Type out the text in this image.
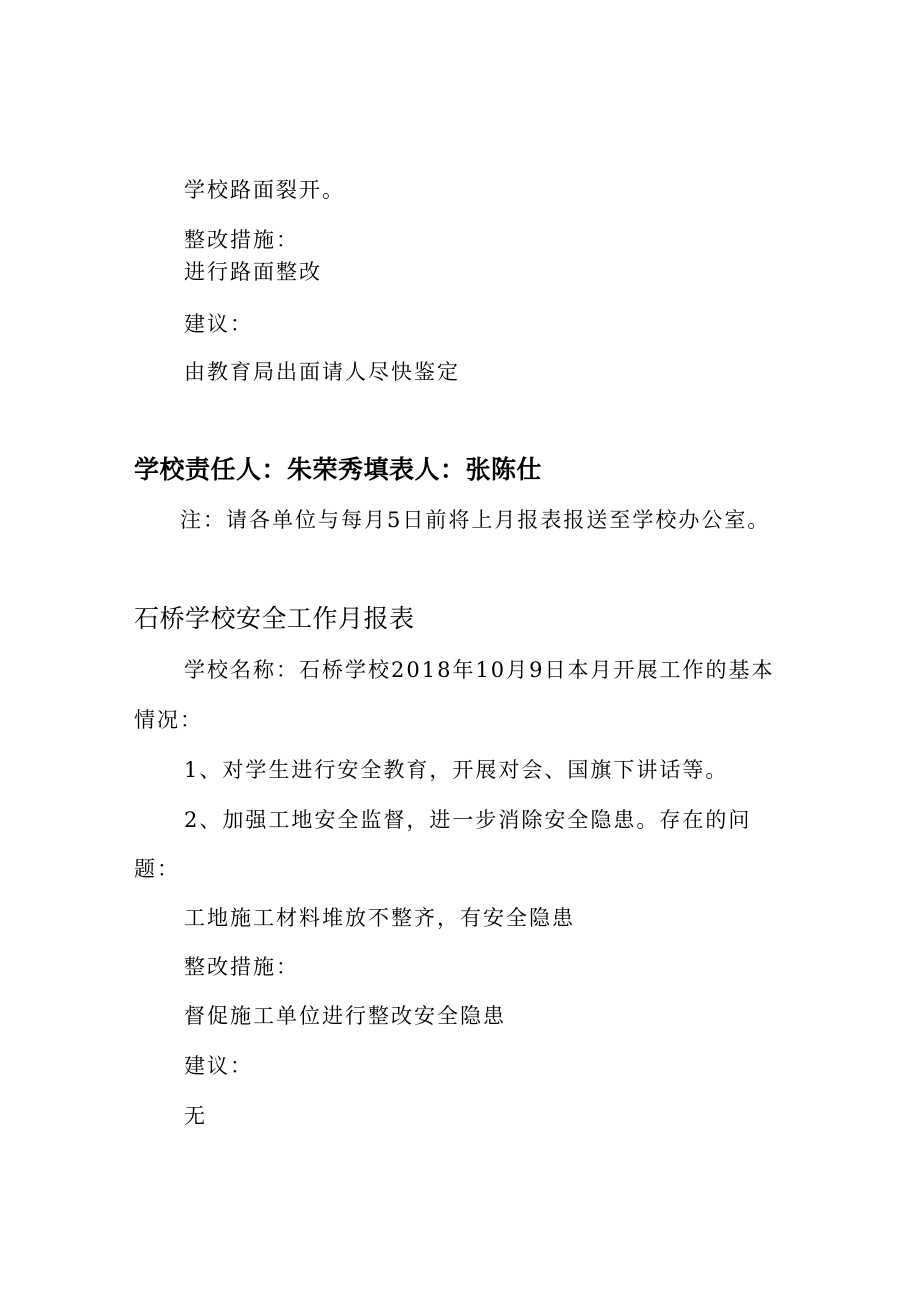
学校路面裂开。
整改措施：
进行路面整改
建议：
由教育局出面请人尽快鉴定
学校责任人：朱荣秀填表人：张陈仕
注：请各单位与每月5日前将上月报表报送至学校办公室。
石桥学校安全工作月报表
学校名称：石桥学校2018年10月9日本月开展工作的基本
情况：
1、对学生进行安全教育，开展对会、国旗下讲话等。
2、加强工地安全监督，进一步消除安全隐患。存在的问
题：
工地施工材料堆放不整齐，有安全隐患
整改措施：
督促施工单位进行整改安全隐患
建议：
无
